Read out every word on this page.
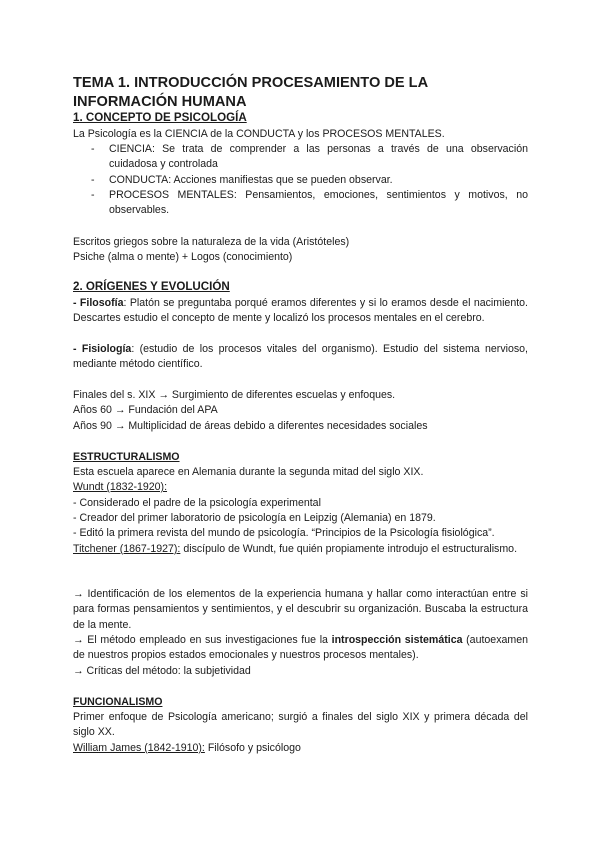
TEMA 1. INTRODUCCIÓN PROCESAMIENTO DE LA INFORMACIÓN HUMANA
1. CONCEPTO DE PSICOLOGÍA

La Psicología es la CIENCIA de la CONDUCTA y los PROCESOS MENTALES.

- CIENCIA: Se trata de comprender a las personas a través de una observación cuidadosa y controlada
- CONDUCTA: Acciones manifiestas que se pueden observar.
- PROCESOS MENTALES: Pensamientos, emociones, sentimientos y motivos, no observables.

Escritos griegos sobre la naturaleza de la vida (Aristóteles)

Psiche (alma o mente) + Logos (conocimiento)

2. ORÍGENES Y EVOLUCIÓN

- Filosofía: Platón se preguntaba porqué eramos diferentes y si lo eramos desde el nacimiento. Descartes estudio el concepto de mente y localizó los procesos mentales en el cerebro.

- Fisiología: (estudio de los procesos vitales del organismo). Estudio del sistema nervioso, mediante método científico.

Finales del s. XIX → Surgimiento de diferentes escuelas y enfoques.

Años 60 → Fundación del APA

Años 90 → Multiplicidad de áreas debido a diferentes necesidades sociales

ESTRUCTURALISMO

Esta escuela aparece en Alemania durante la segunda mitad del siglo XIX.

Wundt (1832-1920):

- Considerado el padre de la psicología experimental

- Creador del primer laboratorio de psicología en Leipzig (Alemania) en 1879.

- Editó la primera revista del mundo de psicología. “Principios de la Psicología fisiológica”.

Titchener (1867-1927): discípulo de Wundt, fue quién propiamente introdujo el estructuralismo.

→ Identificación de los elementos de la experiencia humana y hallar como interactúan entre si para formas pensamientos y sentimientos, y el descubrir su organización. Buscaba la estructura de la mente.

→ El método empleado en sus investigaciones fue la introspección sistemática (autoexamen de nuestros propios estados emocionales y nuestros procesos mentales).

→ Críticas del método: la subjetividad

FUNCIONALISMO

Primer enfoque de Psicología americano; surgió a finales del siglo XIX y primera década del siglo XX.

William James (1842-1910): Filósofo y psicólogo
